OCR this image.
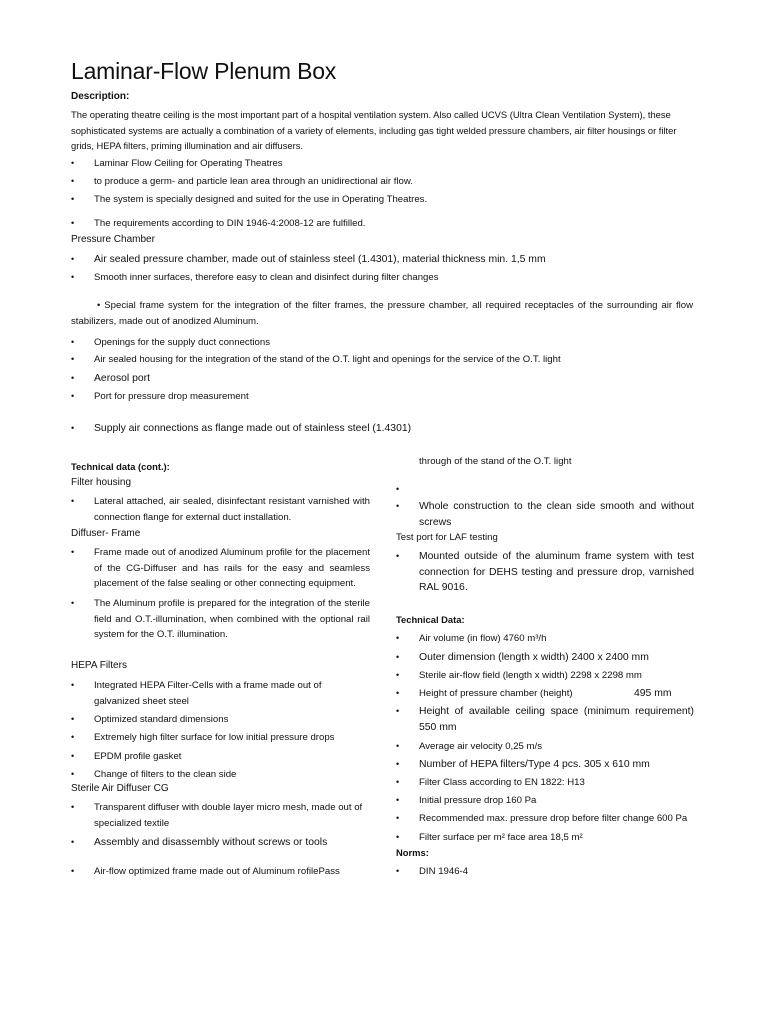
Laminar-Flow Plenum Box
Description:
The operating theatre ceiling is the most important part of a hospital ventilation system. Also called UCVS (Ultra Clean Ventilation System), these sophisticated systems are actually a combination of a variety of elements, including gas tight welded pressure chambers, air filter housings or filter grids, HEPA filters, priming illumination and air diffusers.
•	Laminar Flow Ceiling for Operating Theatres
•	to produce a germ- and particle lean area through an unidirectional air flow.
•	The system is specially designed and suited for the use in Operating Theatres.
•	The requirements according to DIN 1946-4:2008-12 are fulfilled.
Pressure Chamber
•	Air sealed pressure chamber, made out of stainless steel (1.4301), material thickness min. 1,5 mm
•	Smooth inner surfaces, therefore easy to clean and disinfect during filter changes
• Special frame system for the integration of the filter frames, the pressure chamber, all required receptacles of the surrounding air flow stabilizers, made out of anodized Aluminum.
•	Openings for the supply duct connections
•	Air sealed housing for the integration of the stand of the O.T. light and openings for the service of the O.T. light
•	Aerosol port
•	Port for pressure drop measurement
•	Supply air connections as flange made out of stainless steel (1.4301)
Technical data (cont.):
Filter housing
•	Lateral attached, air sealed, disinfectant resistant varnished with connection flange for external duct installation.
Diffuser- Frame
•	Frame made out of anodized Aluminum profile for the placement of the CG-Diffuser and has rails for the easy and seamless placement of the false sealing or other connecting equipment.
•	The Aluminum profile is prepared for the integration of the sterile field and O.T.-illumination, when combined with the optional rail system for the O.T. illumination.
HEPA Filters
•	Integrated HEPA Filter-Cells with a frame made out of galvanized sheet steel
•	Optimized standard dimensions
•	Extremely high filter surface for low initial pressure drops
•	EPDM profile gasket
•	Change of filters to the clean side
Sterile Air Diffuser CG
•	Transparent diffuser with double layer micro mesh, made out of specialized textile
•	Assembly and disassembly without screws or tools
•	Air-flow optimized frame made out of Aluminum rofilePass
through of the stand of the O.T. light
•
•	Whole construction to the clean side smooth and without screws
Test port for LAF testing
•	Mounted outside of the aluminum frame system with test connection for DEHS testing and pressure drop, varnished RAL 9016.
Technical Data:
•	Air volume (in flow) 4760 m³/h
•	Outer dimension (length x width) 2400 x 2400 mm
•	Sterile air-flow field (length x width) 2298 x 2298 mm
•	Height of pressure chamber (height)	495 mm
•	Height of available ceiling space (minimum requirement) 550 mm
•	Average air velocity 0,25 m/s
•	Number of HEPA filters/Type 4 pcs. 305 x 610 mm
•	Filter Class according to EN 1822: H13
•	Initial pressure drop 160 Pa
•	Recommended max. pressure drop before filter change 600 Pa
•	Filter surface per m² face area 18,5 m²
Norms:
•	DIN 1946-4
